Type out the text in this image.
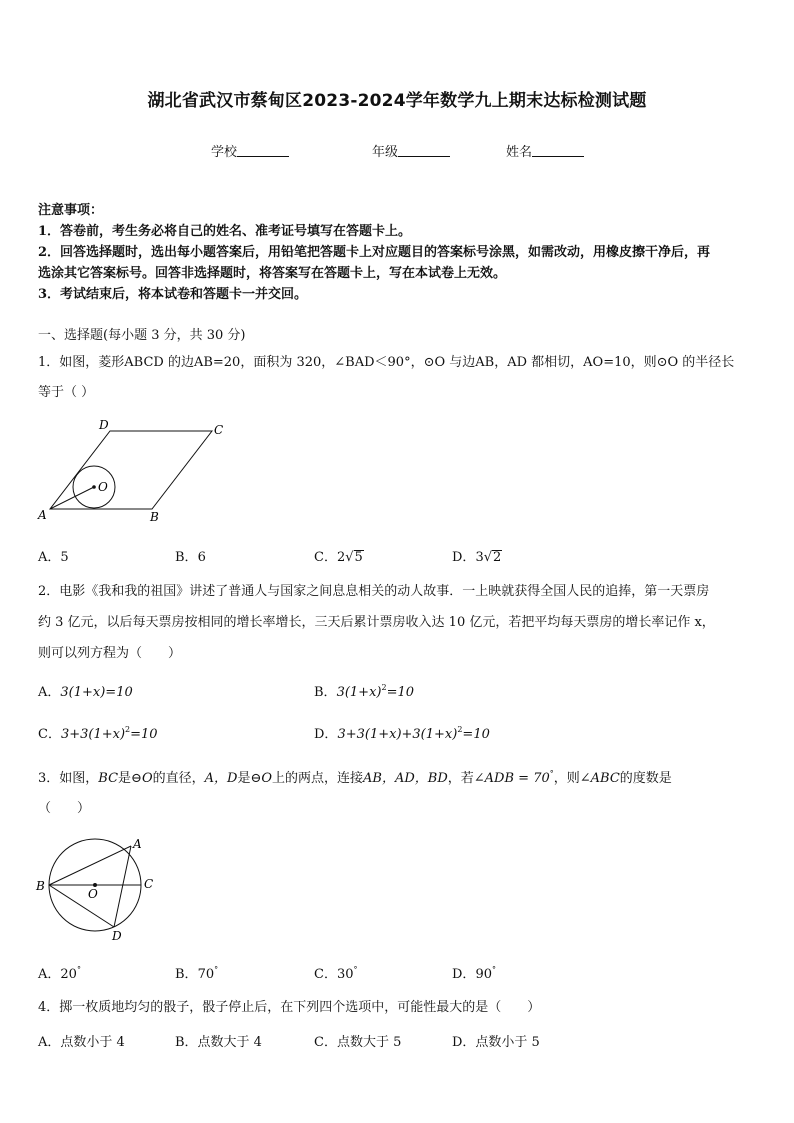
湖北省武汉市蔡甸区2023-2024学年数学九上期末达标检测试题
学校	年级	姓名
注意事项：
1．答卷前，考生务必将自己的姓名、准考证号填写在答题卡上。
2．回答选择题时，选出每小题答案后，用铅笔把答题卡上对应题目的答案标号涂黑，如需改动，用橡皮擦干净后，再
选涂其它答案标号。回答非选择题时，将答案写在答题卡上，写在本试卷上无效。
3．考试结束后，将本试卷和答题卡一并交回。
一、选择题(每小题 3 分，共 30 分)
1．如图，菱形ABCD 的边AB=20，面积为 320，∠BAD＜90°，⊙O 与边AB，AD 都相切，AO=10，则⊙O 的半径长
等于（ ）
A	B
C
D
O
A．5	B．6	C．2√5	D．3√2
2．电影《我和我的祖国》讲述了普通人与国家之间息息相关的动人故事．一上映就获得全国人民的追捧，第一天票房
约 3 亿元，以后每天票房按相同的增长率增长，三天后累计票房收入达 10 亿元，若把平均每天票房的增长率记作 x，
则可以列方程为（　　）
A．3(1+x)=10	B．$3(1+x)^2=10$
C．$3+3(1+x)^2=10$	D．$3+3(1+x)+3(1+x)^2=10$
3．如图，BC是⊖O的直径，A，D是⊖O上的两点，连接AB，AD，BD，若∠ADB = 70°，则∠ABC的度数是
（　　）
A
B	C
D
O
A．20°	B．70°	C．30°	D．90°
4．掷一枚质地均匀的骰子，骰子停止后，在下列四个选项中，可能性最大的是（　　）
A．点数小于 4	B．点数大于 4	C．点数大于 5	D．点数小于 5
